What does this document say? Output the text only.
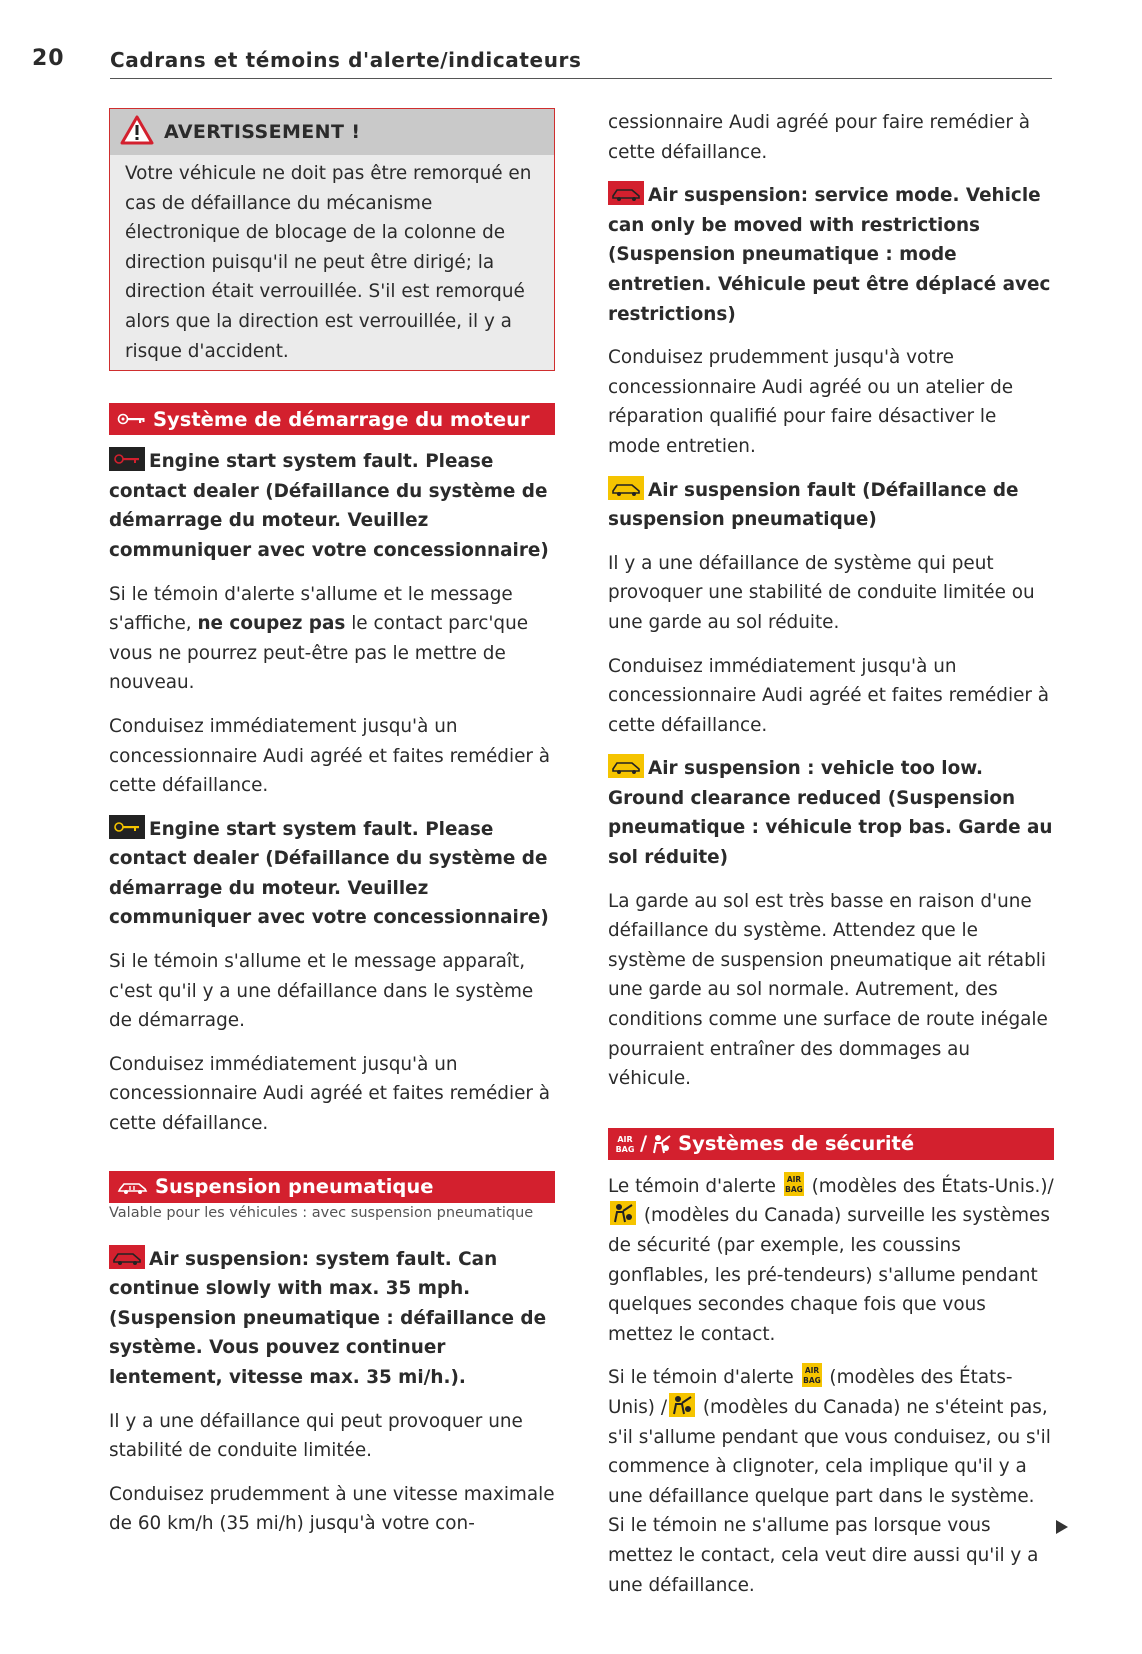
20 Cadrans et témoins d'alerte/indicateurs
AVERTISSEMENT !

Votre véhicule ne doit pas être remorqué en cas de défaillance du mécanisme électronique de blocage de la colonne de direction puisqu'il ne peut être dirigé; la direction était verrouillée. S'il est remorqué alors que la direction est verrouillée, il y a risque d'accident.

Système de démarrage du moteur
Engine start system fault. Please contact dealer (Défaillance du système de démarrage du moteur. Veuillez communiquer avec votre concessionnaire)

Si le témoin d'alerte s'allume et le message s'affiche, ne coupez pas le contact parc'que vous ne pourrez peut-être pas le mettre de nouveau.

Conduisez immédiatement jusqu'à un concessionnaire Audi agréé et faites remédier à cette défaillance.

Engine start system fault. Please contact dealer (Défaillance du système de démarrage du moteur. Veuillez communiquer avec votre concessionnaire)

Si le témoin s'allume et le message apparaît, c'est qu'il y a une défaillance dans le système de démarrage.

Conduisez immédiatement jusqu'à un concessionnaire Audi agréé et faites remédier à cette défaillance.

Suspension pneumatique
Valable pour les véhicules : avec suspension pneumatique
Air suspension: system fault. Can continue slowly with max. 35 mph. (Suspension pneumatique : défaillance de système. Vous pouvez continuer lentement, vitesse max. 35 mi/h.).

Il y a une défaillance qui peut provoquer une stabilité de conduite limitée.

Conduisez prudemment à une vitesse maximale de 60 km/h (35 mi/h) jusqu'à votre con-

cessionnaire Audi agréé pour faire remédier à cette défaillance.

Air suspension: service mode. Vehicle can only be moved with restrictions (Suspension pneumatique : mode entretien. Véhicule peut être déplacé avec restrictions)

Conduisez prudemment jusqu'à votre concessionnaire Audi agréé ou un atelier de réparation qualifié pour faire désactiver le mode entretien.

Air suspension fault (Défaillance de suspension pneumatique)

Il y a une défaillance de système qui peut provoquer une stabilité de conduite limitée ou une garde au sol réduite.

Conduisez immédiatement jusqu'à un concessionnaire Audi agréé et faites remédier à cette défaillance.

Air suspension : vehicle too low. Ground clearance reduced (Suspension pneumatique : véhicule trop bas. Garde au sol réduite)

La garde au sol est très basse en raison d'une défaillance du système. Attendez que le système de suspension pneumatique ait rétabli une garde au sol normale. Autrement, des conditions comme une surface de route inégale pourraient entraîner des dommages au véhicule.

AIR
BAG / Systèmes de sécurité

Le témoin d'alerte AIR
BAG (modèles des États-Unis.)/ (modèles du Canada) surveille les systèmes de sécurité (par exemple, les coussins gonflables, les pré-tendeurs) s'allume pendant quelques secondes chaque fois que vous mettez le contact.

Si le témoin d'alerte AIR
BAG (modèles des États-Unis) / (modèles du Canada) ne s'éteint pas, s'il s'allume pendant que vous conduisez, ou s'il commence à clignoter, cela implique qu'il y a une défaillance quelque part dans le système. Si le témoin ne s'allume pas lorsque vous mettez le contact, cela veut dire aussi qu'il y a une défaillance.
